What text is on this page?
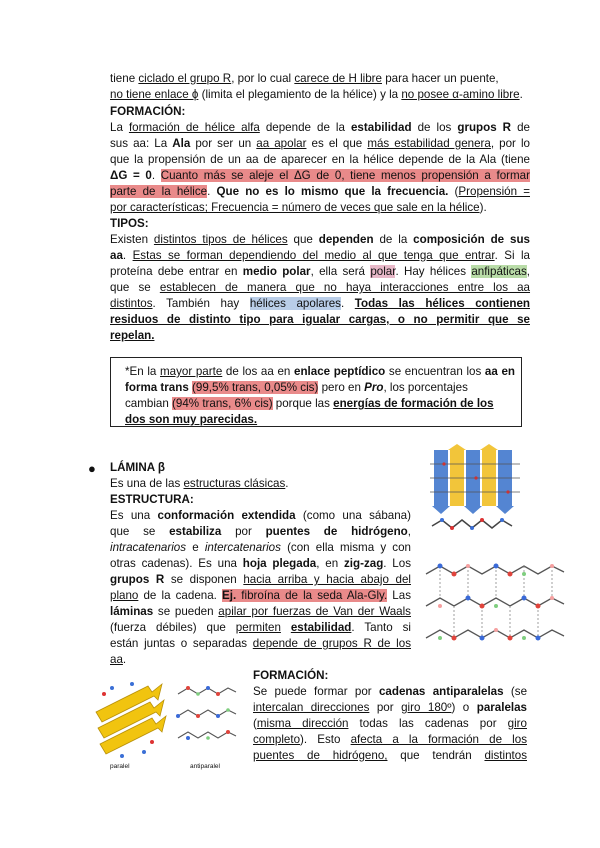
tiene ciclado el grupo R, por lo cual carece de H libre para hacer un puente,
no tiene enlace ϕ (limita el plegamiento de la hélice) y la no posee α-amino libre.
FORMACIÓN:
La formación de hélice alfa depende de la estabilidad de los grupos R de
sus aa: La Ala por ser un aa apolar es el que más estabilidad genera, por lo
que la propensión de un aa de aparecer en la hélice depende de la Ala (tiene
ΔG = 0. Cuanto más se aleje el ΔG de 0, tiene menos propensión a formar
parte de la hélice. Que no es lo mismo que la frecuencia. (Propensión =
por características; Frecuencia = número de veces que sale en la hélice).
TIPOS:
Existen distintos tipos de hélices que dependen de la composición de sus
aa. Estas se forman dependiendo del medio al que tenga que entrar. Si la
proteína debe entrar en medio polar, ella será polar. Hay hélices anfipáticas,
que se establecen de manera que no haya interacciones entre los aa
distintos. También hay hélices apolares. Todas las hélices contienen
residuos de distinto tipo para igualar cargas, o no permitir que se
repelan.
*En la mayor parte de los aa en enlace peptídico se encuentran los aa en
forma trans (99,5% trans, 0,05% cis) pero en Pro, los porcentajes
cambian (94% trans, 6% cis) porque las energías de formación de los
dos son muy parecidas.
● LÁMINA β
Es una de las estructuras clásicas.
ESTRUCTURA:
Es una conformación extendida (como una sábana)
que se estabiliza por puentes de hidrógeno,
intracatenarios e intercatenarios (con ella misma y con
otras cadenas). Es una hoja plegada, en zig-zag. Los
grupos R se disponen hacia arriba y hacia abajo del
plano de la cadena. Ej. fibroína de la seda Ala-Gly. Las
láminas se pueden apilar por fuerzas de Van der Waals
(fuerza débiles) que permiten estabilidad. Tanto si
están juntas o separadas depende de grupos R de los
aa.
FORMACIÓN:
Se puede formar por cadenas antiparalelas (se
intercalan direcciones por giro 180º) o paralelas
(misma dirección todas las cadenas por giro
completo). Esto afecta a la formación de los
puentes de hidrógeno, que tendrán distintos
paralel	antiparalel
